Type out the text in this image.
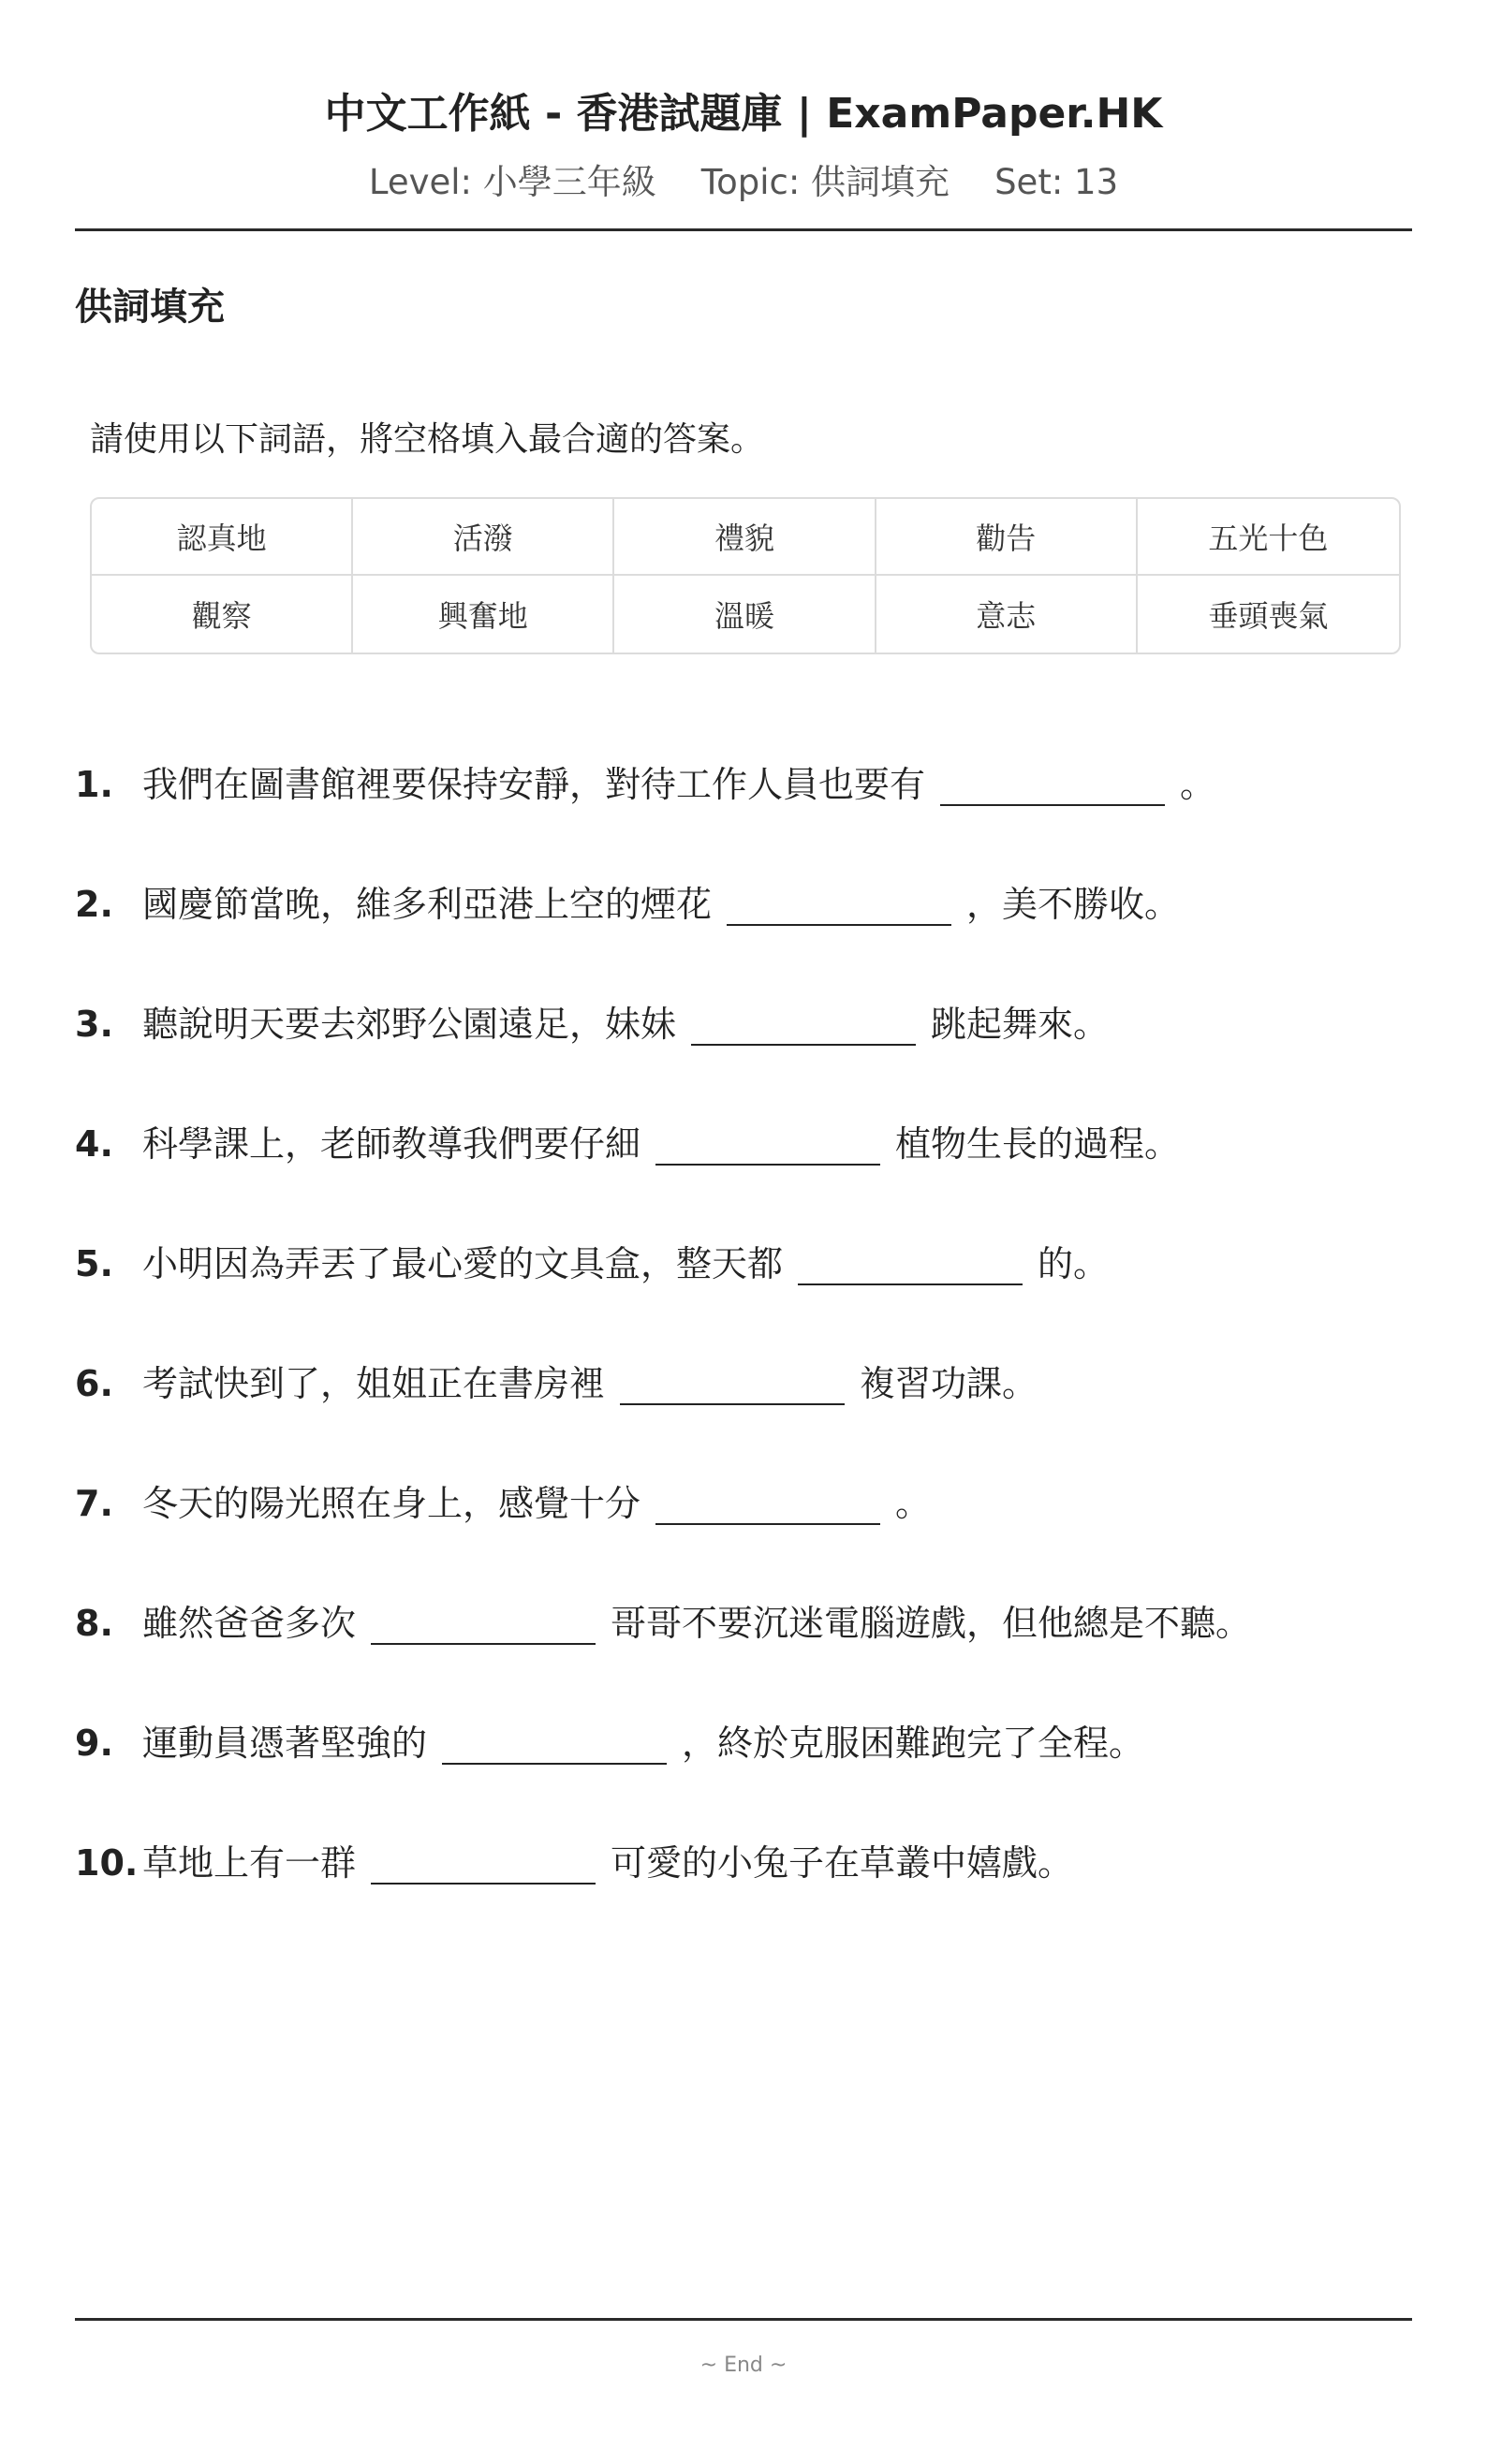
中文工作紙 - 香港試題庫 | ExamPaper.HK
Level: 小學三年級 Topic: 供詞填充 Set: 13
供詞填充
請使用以下詞語，將空格填入最合適的答案。
認真地	活潑	禮貌	勸告	五光十色
觀察	興奮地	溫暖	意志	垂頭喪氣
1. 我們在圖書館裡要保持安靜，對待工作人員也要有	。
2. 國慶節當晚，維多利亞港上空的煙花	，美不勝收。
3. 聽說明天要去郊野公園遠足，妹妹	跳起舞來。
4. 科學課上，老師教導我們要仔細	植物生長的過程。
5. 小明因為弄丟了最心愛的文具盒，整天都	的。
6. 考試快到了，姐姐正在書房裡	複習功課。
7. 冬天的陽光照在身上，感覺十分	。
8. 雖然爸爸多次	哥哥不要沉迷電腦遊戲，但他總是不聽。
9. 運動員憑著堅強的	，終於克服困難跑完了全程。
10. 草地上有一群	可愛的小兔子在草叢中嬉戲。
~ End ~
